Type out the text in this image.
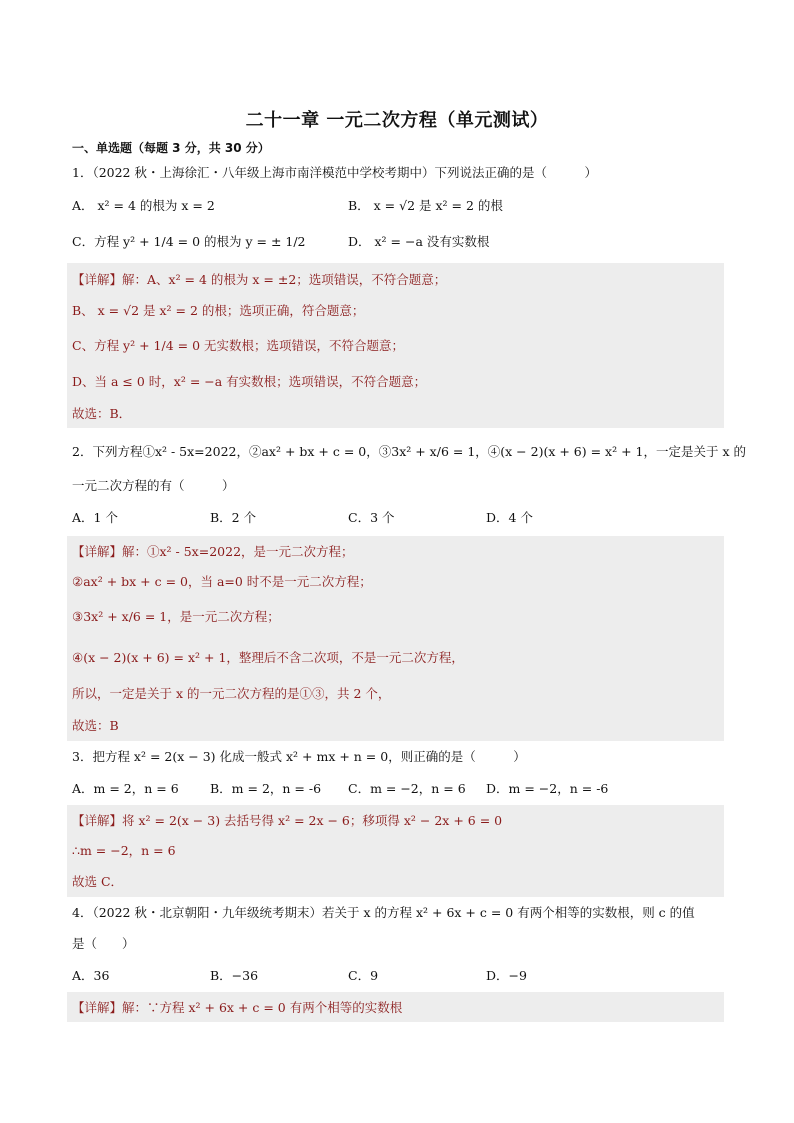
二十一章 一元二次方程（单元测试）
一、单选题（每题 3 分，共 30 分）
1．（2022 秋・上海徐汇・八年级上海市南洋模范中学校考期中）下列说法正确的是（　　　）
A． x² = 4 的根为 x = 2	B． x = √2 是 x² = 2 的根
C．方程 y² + 1/4 = 0 的根为 y = ± 1/2	D． x² = −a 没有实数根
【详解】解：A、x² = 4 的根为 x = ±2；选项错误，不符合题意；
B、 x = √2 是 x² = 2 的根；选项正确，符合题意；
C、方程 y² + 1/4 = 0 无实数根；选项错误，不符合题意；
D、当 a ≤ 0 时，x² = −a 有实数根；选项错误，不符合题意；
故选：B．
2．下列方程①x² - 5x=2022，②ax² + bx + c = 0，③3x² + x/6 = 1，④(x − 2)(x + 6) = x² + 1，一定是关于 x 的
一元二次方程的有（　　　）
A．1 个	B．2 个	C．3 个	D．4 个
【详解】解：①x² - 5x=2022，是一元二次方程；
②ax² + bx + c = 0，当 a=0 时不是一元二次方程；
③3x² + x/6 = 1，是一元二次方程；
④(x − 2)(x + 6) = x² + 1，整理后不含二次项，不是一元二次方程，
所以，一定是关于 x 的一元二次方程的是①③，共 2 个，
故选：B
3．把方程 x² = 2(x − 3) 化成一般式 x² + mx + n = 0，则正确的是（　　　）
A．m = 2，n = 6	B．m = 2，n = -6 C．m = −2，n = 6 D．m = −2，n = -6
【详解】将 x² = 2(x − 3) 去括号得 x² = 2x − 6；移项得 x² − 2x + 6 = 0
∴m = −2，n = 6
故选 C．
4．（2022 秋・北京朝阳・九年级统考期末）若关于 x 的方程 x² + 6x + c = 0 有两个相等的实数根，则 c 的值
是（　　）
A．36	B．−36	C．9	D．−9
【详解】解：∵方程 x² + 6x + c = 0 有两个相等的实数根
